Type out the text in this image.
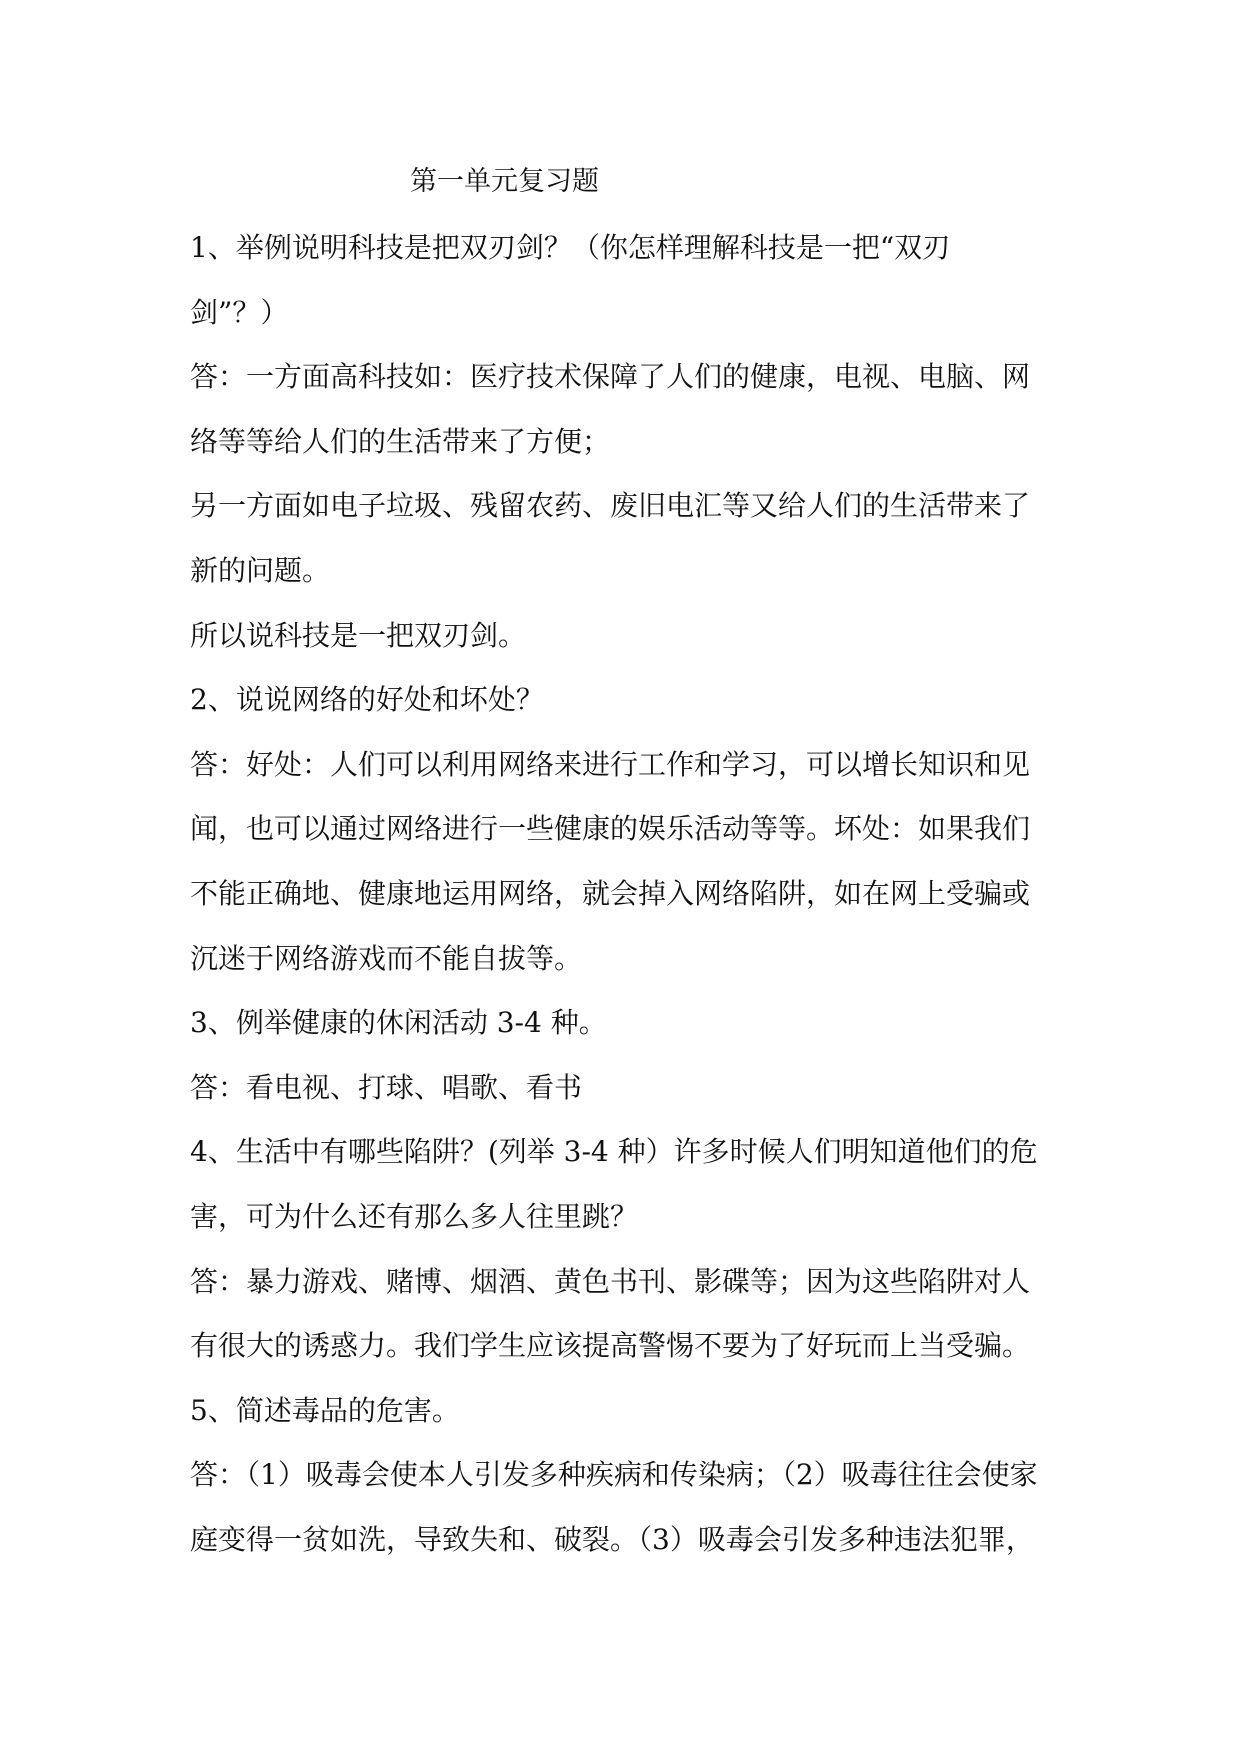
第一单元复习题
1、举例说明科技是把双刃剑？（你怎样理解科技是一把“双刃
剑”？）
答：一方面高科技如：医疗技术保障了人们的健康，电视、电脑、网
络等等给人们的生活带来了方便；
另一方面如电子垃圾、残留农药、废旧电汇等又给人们的生活带来了
新的问题。
所以说科技是一把双刃剑。
2、说说网络的好处和坏处？
答：好处：人们可以利用网络来进行工作和学习，可以增长知识和见
闻，也可以通过网络进行一些健康的娱乐活动等等。坏处：如果我们
不能正确地、健康地运用网络，就会掉入网络陷阱，如在网上受骗或
沉迷于网络游戏而不能自拔等。
3、例举健康的休闲活动 3-4 种。
答：看电视、打球、唱歌、看书
4、生活中有哪些陷阱？(列举 3-4 种）许多时候人们明知道他们的危
害，可为什么还有那么多人往里跳？
答：暴力游戏、赌博、烟酒、黄色书刊、影碟等；因为这些陷阱对人
有很大的诱惑力。我们学生应该提高警惕不要为了好玩而上当受骗。
5、简述毒品的危害。
答：（1）吸毒会使本人引发多种疾病和传染病；（2）吸毒往往会使家
庭变得一贫如洗，导致失和、破裂。（3）吸毒会引发多种违法犯罪，
